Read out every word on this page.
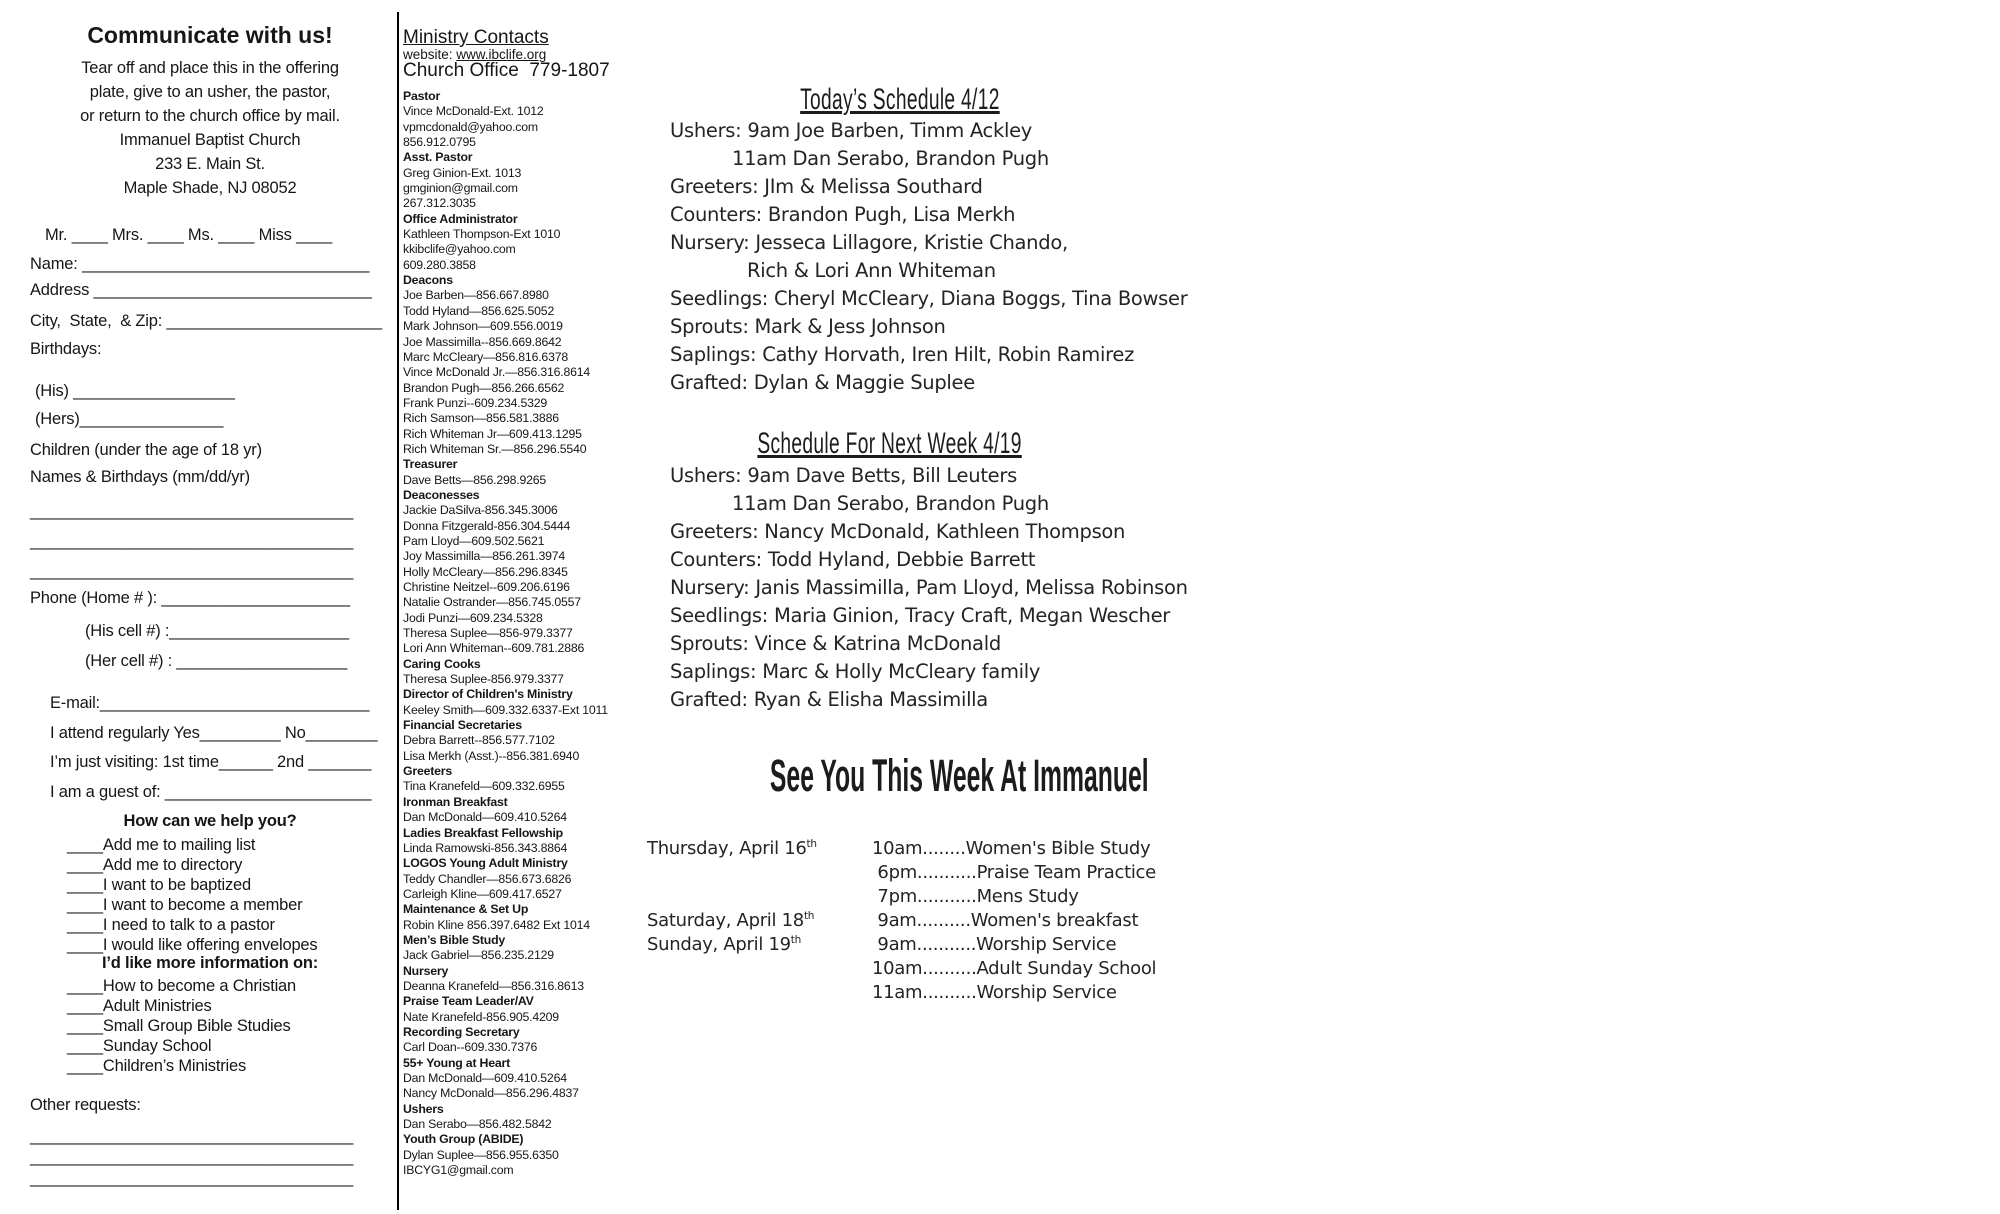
Communicate with us!
Tear off and place this in the offering
plate, give to an usher, the pastor,
or return to the church office by mail.
Immanuel Baptist Church
233 E. Main St.
Maple Shade, NJ 08052
Mr. ____ Mrs. ____ Ms. ____ Miss ____
Name: ________________________________
Address _______________________________
City,  State,  & Zip: ________________________
Birthdays:
(His) __________________
(Hers)________________
Children (under the age of 18 yr)
Names & Birthdays (mm/dd/yr)
____________________________________
____________________________________
____________________________________
Phone (Home # ): _____________________
(His cell #) :____________________
(Her cell #) : ___________________
E-mail:______________________________
I attend regularly Yes_________ No________
I’m just visiting: 1st time______ 2nd _______
I am a guest of: _______________________
How can we help you?
____Add me to mailing list
____Add me to directory
____I want to be baptized
____I want to become a member
____I need to talk to a pastor
____I would like offering envelopes
I’d like more information on:
____How to become a Christian
____Adult Ministries
____Small Group Bible Studies
____Sunday School
____Children’s Ministries
Other requests:
____________________________________
____________________________________
____________________________________
Ministry Contacts
website: www.ibclife.org
Church Office  779-1807
Pastor
Vince McDonald-Ext. 1012
vpmcdonald@yahoo.com
856.912.0795
Asst. Pastor
Greg Ginion-Ext. 1013
gmginion@gmail.com
267.312.3035
Office Administrator
Kathleen Thompson-Ext 1010
kkibclife@yahoo.com
609.280.3858
Deacons
Joe Barben—856.667.8980
Todd Hyland—856.625.5052
Mark Johnson—609.556.0019
Joe Massimilla--856.669.8642
Marc McCleary—856.816.6378
Vince McDonald Jr.—856.316.8614
Brandon Pugh—856.266.6562
Frank Punzi--609.234.5329
Rich Samson—856.581.3886
Rich Whiteman Jr—609.413.1295
Rich Whiteman Sr.—856.296.5540
Treasurer
Dave Betts—856.298.9265
Deaconesses
Jackie DaSilva-856.345.3006
Donna Fitzgerald-856.304.5444
Pam Lloyd—609.502.5621
Joy Massimilla—856.261.3974
Holly McCleary—856.296.8345
Christine Neitzel--609.206.6196
Natalie Ostrander—856.745.0557
Jodi Punzi—609.234.5328
Theresa Suplee—856-979.3377
Lori Ann Whiteman--609.781.2886
Caring Cooks
Theresa Suplee-856.979.3377
Director of Children's Ministry
Keeley Smith—609.332.6337-Ext 1011
Financial Secretaries
Debra Barrett--856.577.7102
Lisa Merkh (Asst.)--856.381.6940
Greeters
Tina Kranefeld—609.332.6955
Ironman Breakfast
Dan McDonald—609.410.5264
Ladies Breakfast Fellowship
Linda Ramowski-856.343.8864
LOGOS Young Adult Ministry
Teddy Chandler—856.673.6826
Carleigh Kline—609.417.6527
Maintenance & Set Up
Robin Kline 856.397.6482 Ext 1014
Men’s Bible Study
Jack Gabriel—856.235.2129
Nursery
Deanna Kranefeld—856.316.8613
Praise Team Leader/AV
Nate Kranefeld-856.905.4209
Recording Secretary
Carl Doan--609.330.7376
55+ Young at Heart
Dan McDonald—609.410.5264
Nancy McDonald—856.296.4837
Ushers
Dan Serabo—856.482.5842
Youth Group (ABIDE)
Dylan Suplee—856.955.6350
IBCYG1@gmail.com
Today’s Schedule 4/12
Ushers: 9am Joe Barben, Timm Ackley
11am Dan Serabo, Brandon Pugh
Greeters: JIm & Melissa Southard
Counters: Brandon Pugh, Lisa Merkh
Nursery: Jesseca Lillagore, Kristie Chando,
Rich & Lori Ann Whiteman
Seedlings: Cheryl McCleary, Diana Boggs, Tina Bowser
Sprouts: Mark & Jess Johnson
Saplings: Cathy Horvath, Iren Hilt, Robin Ramirez
Grafted: Dylan & Maggie Suplee
Schedule For Next Week 4/19
Ushers: 9am Dave Betts, Bill Leuters
11am Dan Serabo, Brandon Pugh
Greeters: Nancy McDonald, Kathleen Thompson
Counters: Todd Hyland, Debbie Barrett
Nursery: Janis Massimilla, Pam Lloyd, Melissa Robinson
Seedlings: Maria Ginion, Tracy Craft, Megan Wescher
Sprouts: Vince & Katrina McDonald
Saplings: Marc & Holly McCleary family
Grafted: Ryan & Elisha Massimilla
See You This Week At Immanuel
Thursday, April 16th	10am........Women's Bible Study
6pm...........Praise Team Practice
7pm...........Mens Study
Saturday, April 18th	9am..........Women's breakfast
Sunday, April 19th	9am...........Worship Service
10am..........Adult Sunday School
11am..........Worship Service
